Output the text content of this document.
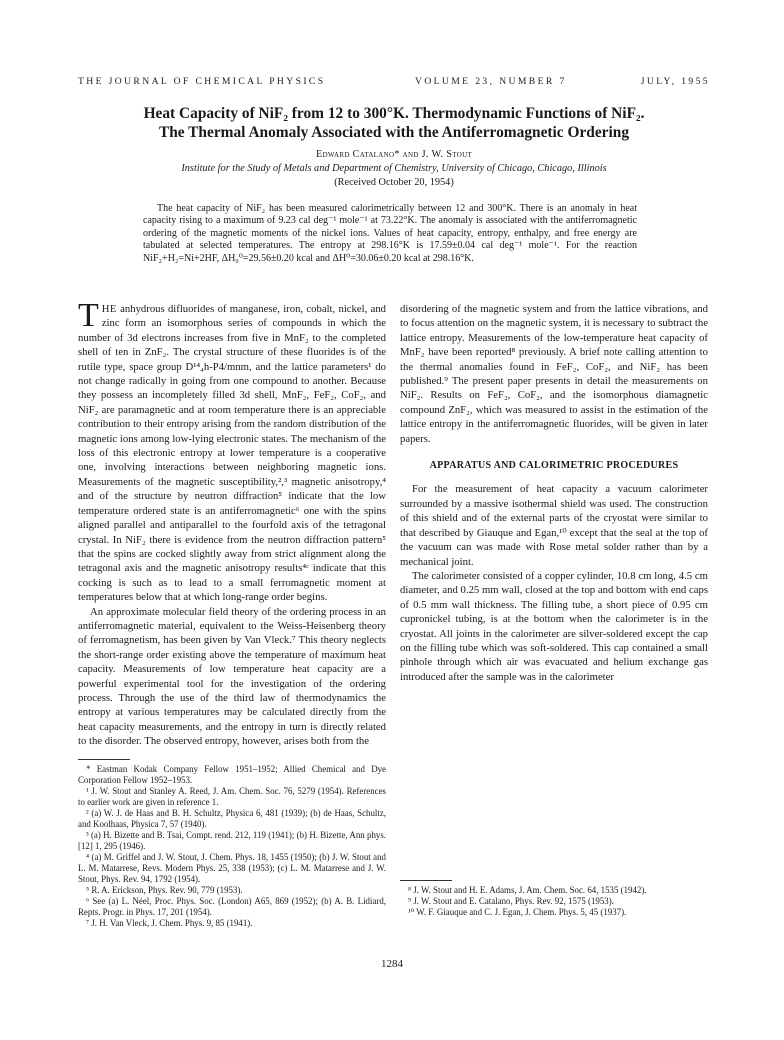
THE JOURNAL OF CHEMICAL PHYSICS	VOLUME 23, NUMBER 7	JULY, 1955
Heat Capacity of NiF₂ from 12 to 300°K. Thermodynamic Functions of NiF₂.
The Thermal Anomaly Associated with the Antiferromagnetic Ordering
Edward Catalano* and J. W. Stout
Institute for the Study of Metals and Department of Chemistry, University of Chicago, Chicago, Illinois
(Received October 20, 1954)

The heat capacity of NiF₂ has been measured calorimetrically between 12 and 300°K. There is an anomaly in heat capacity rising to a maximum of 9.23 cal deg⁻¹ mole⁻¹ at 73.22°K. The anomaly is associated with the antiferromagnetic ordering of the magnetic moments of the nickel ions. Values of heat capacity, entropy, enthalpy, and free energy are tabulated at selected temperatures. The entropy at 298.16°K is 17.59±0.04 cal deg⁻¹ mole⁻¹. For the reaction NiF₂+H₂=Ni+2HF, ΔH₀⁰=29.56±0.20 kcal and ΔH⁰=30.06±0.20 kcal at 298.16°K.

THE anhydrous difluorides of manganese, iron, cobalt, nickel, and zinc form an isomorphous series of compounds in which the number of 3d electrons increases from five in MnF₂ to the completed shell of ten in ZnF₂. The crystal structure of these fluorides is of the rutile type, space group D¹⁴₄h-P4/mnm, and the lattice parameters¹ do not change radically in going from one compound to another. Because they possess an incompletely filled 3d shell, MnF₂, FeF₂, CoF₂, and NiF₂ are paramagnetic and at room temperature there is an appreciable contribution to their entropy arising from the random distribution of the magnetic ions among low-lying electronic states. The mechanism of the loss of this electronic entropy at lower temperature is a cooperative one, involving interactions between neighboring magnetic ions. Measurements of the magnetic susceptibility,²,³ magnetic anisotropy,⁴ and of the structure by neutron diffraction⁵ indicate that the low temperature ordered state is an antiferromagnetic⁶ one with the spins aligned parallel and antiparallel to the fourfold axis of the tetragonal crystal. In NiF₂ there is evidence from the neutron diffraction pattern⁵ that the spins are cocked slightly away from strict alignment along the tetragonal axis and the magnetic anisotropy results⁴ᶜ indicate that this cocking is such as to lead to a small ferromagnetic moment at temperatures below that at which long-range order begins.

An approximate molecular field theory of the ordering process in an antiferromagnetic material, equivalent to the Weiss-Heisenberg theory of ferromagnetism, has been given by Van Vleck.⁷ This theory neglects the short-range order existing above the temperature of maximum heat capacity. Measurements of low temperature heat capacity are a powerful experimental tool for the investigation of the ordering process. Through the use of the third law of thermodynamics the entropy at various temperatures may be calculated directly from the heat capacity measurements, and the entropy in turn is directly related to the disorder. The observed entropy, however, arises both from the

disordering of the magnetic system and from the lattice vibrations, and to focus attention on the magnetic system, it is necessary to subtract the lattice entropy. Measurements of the low-temperature heat capacity of MnF₂ have been reported⁸ previously. A brief note calling attention to the thermal anomalies found in FeF₂, CoF₂, and NiF₂ has been published.⁹ The present paper presents in detail the measurements on NiF₂. Results on FeF₂, CoF₂, and the isomorphous diamagnetic compound ZnF₂, which was measured to assist in the estimation of the lattice entropy in the antiferromagnetic fluorides, will be given in later papers.

APPARATUS AND CALORIMETRIC PROCEDURES

For the measurement of heat capacity a vacuum calorimeter surrounded by a massive isothermal shield was used. The construction of this shield and of the external parts of the cryostat were similar to that described by Giauque and Egan,¹⁰ except that the seal at the top of the vacuum can was made with Rose metal solder rather than by a mechanical joint.

The calorimeter consisted of a copper cylinder, 10.8 cm long, 4.5 cm diameter, and 0.25 mm wall, closed at the top and bottom with end caps of 0.5 mm wall thickness. The filling tube, a short piece of 0.95 cm cupronickel tubing, is at the bottom when the calorimeter is in the cryostat. All joints in the calorimeter are silver-soldered except the cap on the filling tube which was soft-soldered. This cap contained a small pinhole through which air was evacuated and helium exchange gas introduced after the sample was in the calorimeter

* Eastman Kodak Company Fellow 1951–1952; Allied Chemical and Dye Corporation Fellow 1952–1953.

¹ J. W. Stout and Stanley A. Reed, J. Am. Chem. Soc. 76, 5279 (1954). References to earlier work are given in reference 1.

² (a) W. J. de Haas and B. H. Schultz, Physica 6, 481 (1939); (b) de Haas, Schultz, and Koolhaas, Physica 7, 57 (1940).

³ (a) H. Bizette and B. Tsai, Compt. rend. 212, 119 (1941); (b) H. Bizette, Ann phys. [12] 1, 295 (1946).

⁴ (a) M. Griffel and J. W. Stout, J. Chem. Phys. 18, 1455 (1950); (b) J. W. Stout and L. M. Matarrese, Revs. Modern Phys. 25, 338 (1953); (c) L. M. Matarrese and J. W. Stout, Phys. Rev. 94, 1792 (1954).

⁵ R. A. Erickson, Phys. Rev. 90, 779 (1953).

⁶ See (a) L. Néel, Proc. Phys. Soc. (London) A65, 869 (1952); (b) A. B. Lidiard, Repts. Progr. in Phys. 17, 201 (1954).

⁷ J. H. Van Vleck, J. Chem. Phys. 9, 85 (1941).

⁸ J. W. Stout and H. E. Adams, J. Am. Chem. Soc. 64, 1535 (1942).

⁹ J. W. Stout and E. Catalano, Phys. Rev. 92, 1575 (1953).

¹⁰ W. F. Giauque and C. J. Egan, J. Chem. Phys. 5, 45 (1937).

1284
